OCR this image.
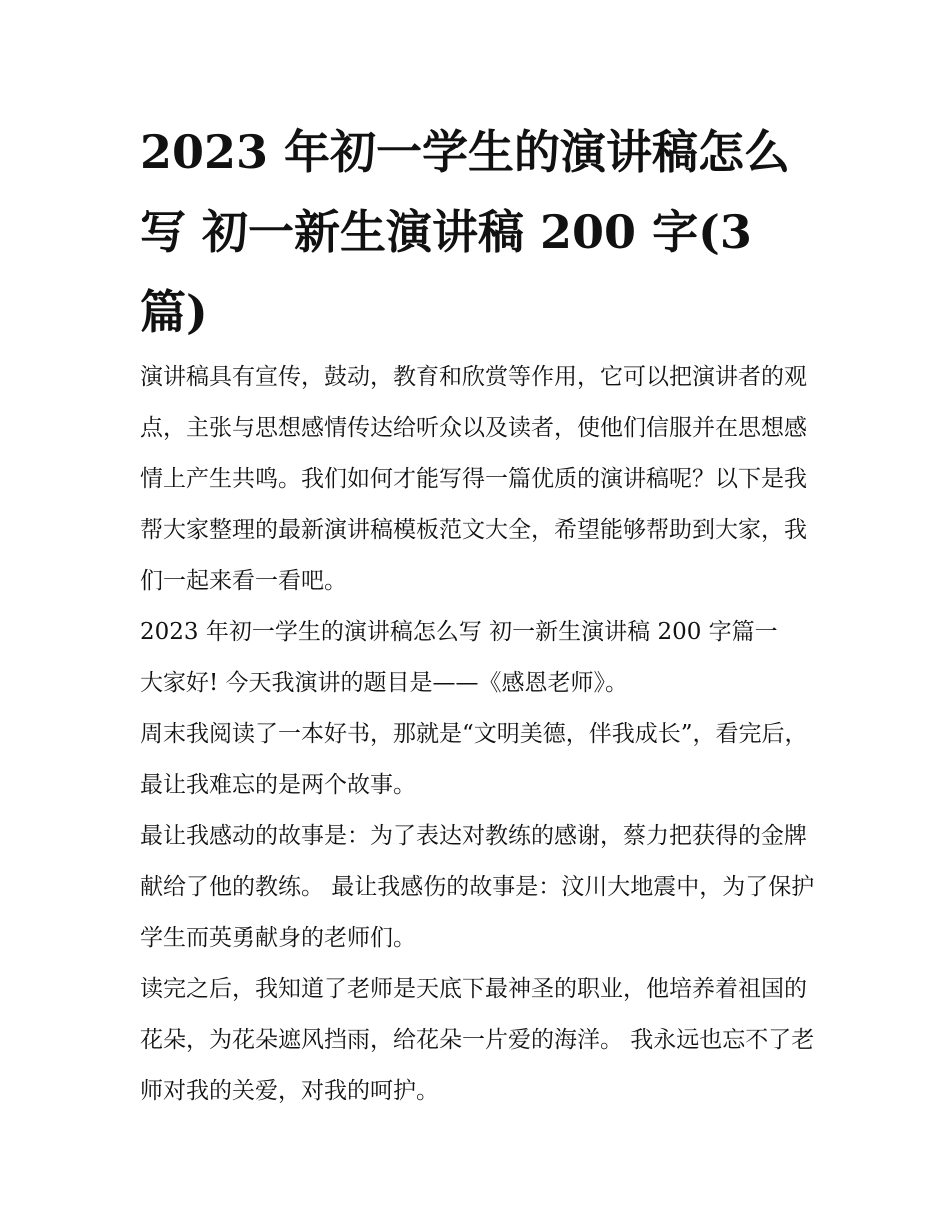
2023 年初一学生的演讲稿怎么写 初一新生演讲稿 200 字(3 篇)

演讲稿具有宣传，鼓动，教育和欣赏等作用，它可以把演讲者的观点，主张与思想感情传达给听众以及读者，使他们信服并在思想感情上产生共鸣。我们如何才能写得一篇优质的演讲稿呢？以下是我帮大家整理的最新演讲稿模板范文大全，希望能够帮助到大家，我们一起来看一看吧。

2023 年初一学生的演讲稿怎么写 初一新生演讲稿 200 字篇一

大家好! 今天我演讲的题目是——《感恩老师》。

周末我阅读了一本好书，那就是“文明美德，伴我成长”，看完后，最让我难忘的是两个故事。

最让我感动的故事是：为了表达对教练的感谢，蔡力把获得的金牌献给了他的教练。 最让我感伤的故事是：汶川大地震中，为了保护学生而英勇献身的老师们。

读完之后，我知道了老师是天底下最神圣的职业，他培养着祖国的花朵，为花朵遮风挡雨，给花朵一片爱的海洋。 我永远也忘不了老师对我的关爱，对我的呵护。
